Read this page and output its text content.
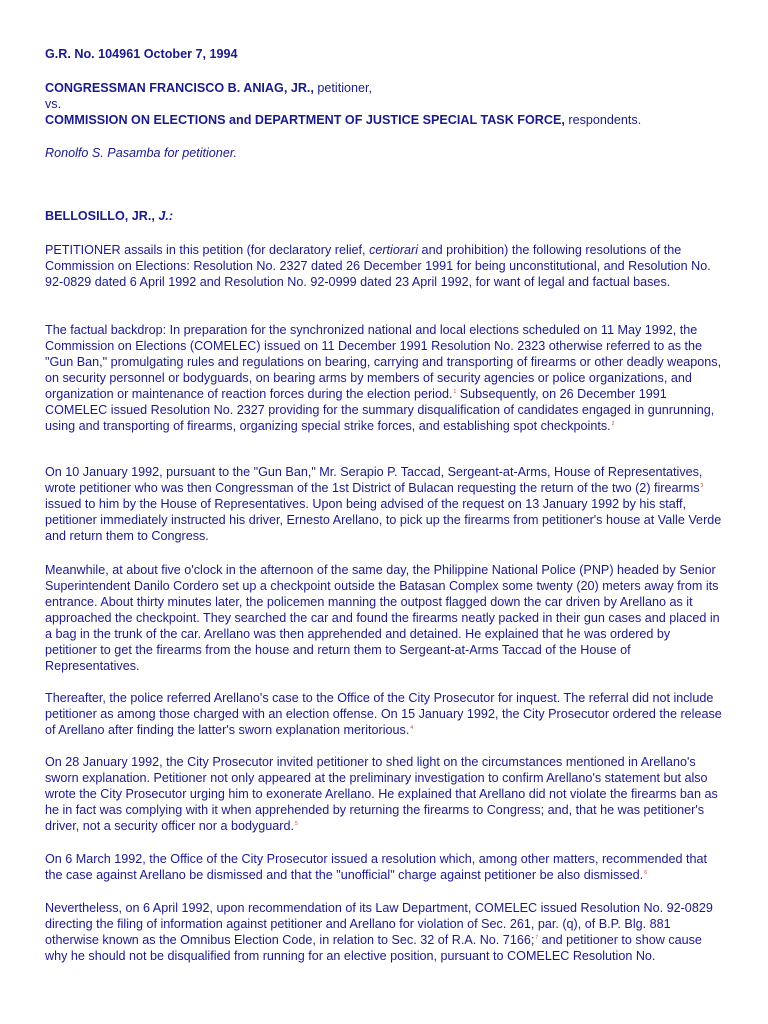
G.R. No. 104961 October 7, 1994
CONGRESSMAN FRANCISCO B. ANIAG, JR., petitioner,
vs.
COMMISSION ON ELECTIONS and DEPARTMENT OF JUSTICE SPECIAL TASK FORCE, respondents.
Ronolfo S. Pasamba for petitioner.
BELLOSILLO, JR., J.:

PETITIONER assails in this petition (for declaratory relief, certiorari and prohibition) the following resolutions of the Commission on Elections: Resolution No. 2327 dated 26 December 1991 for being unconstitutional, and Resolution No. 92-0829 dated 6 April 1992 and Resolution No. 92-0999 dated 23 April 1992, for want of legal and factual bases.

The factual backdrop: In preparation for the synchronized national and local elections scheduled on 11 May 1992, the Commission on Elections (COMELEC) issued on 11 December 1991 Resolution No. 2323 otherwise referred to as the "Gun Ban," promulgating rules and regulations on bearing, carrying and transporting of firearms or other deadly weapons, on security personnel or bodyguards, on bearing arms by members of security agencies or police organizations, and organization or maintenance of reaction forces during the election period.$^1$ Subsequently, on 26 December 1991 COMELEC issued Resolution No. 2327 providing for the summary disqualification of candidates engaged in gunrunning, using and transporting of firearms, organizing special strike forces, and establishing spot checkpoints.$^2$

On 10 January 1992, pursuant to the "Gun Ban," Mr. Serapio P. Taccad, Sergeant-at-Arms, House of Representatives, wrote petitioner who was then Congressman of the 1st District of Bulacan requesting the return of the two (2) firearms$^3$ issued to him by the House of Representatives. Upon being advised of the request on 13 January 1992 by his staff, petitioner immediately instructed his driver, Ernesto Arellano, to pick up the firearms from petitioner's house at Valle Verde and return them to Congress.

Meanwhile, at about five o'clock in the afternoon of the same day, the Philippine National Police (PNP) headed by Senior Superintendent Danilo Cordero set up a checkpoint outside the Batasan Complex some twenty (20) meters away from its entrance. About thirty minutes later, the policemen manning the outpost flagged down the car driven by Arellano as it approached the checkpoint. They searched the car and found the firearms neatly packed in their gun cases and placed in a bag in the trunk of the car. Arellano was then apprehended and detained. He explained that he was ordered by petitioner to get the firearms from the house and return them to Sergeant-at-Arms Taccad of the House of Representatives.

Thereafter, the police referred Arellano's case to the Office of the City Prosecutor for inquest. The referral did not include petitioner as among those charged with an election offense. On 15 January 1992, the City Prosecutor ordered the release of Arellano after finding the latter's sworn explanation meritorious.$^4$

On 28 January 1992, the City Prosecutor invited petitioner to shed light on the circumstances mentioned in Arellano's sworn explanation. Petitioner not only appeared at the preliminary investigation to confirm Arellano's statement but also wrote the City Prosecutor urging him to exonerate Arellano. He explained that Arellano did not violate the firearms ban as he in fact was complying with it when apprehended by returning the firearms to Congress; and, that he was petitioner's driver, not a security officer nor a bodyguard.$^5$

On 6 March 1992, the Office of the City Prosecutor issued a resolution which, among other matters, recommended that the case against Arellano be dismissed and that the "unofficial" charge against petitioner be also dismissed.$^6$

Nevertheless, on 6 April 1992, upon recommendation of its Law Department, COMELEC issued Resolution No. 92-0829 directing the filing of information against petitioner and Arellano for violation of Sec. 261, par. (q), of B.P. Blg. 881 otherwise known as the Omnibus Election Code, in relation to Sec. 32 of R.A. No. 7166;$^7$ and petitioner to show cause why he should not be disqualified from running for an elective position, pursuant to COMELEC Resolution No.
